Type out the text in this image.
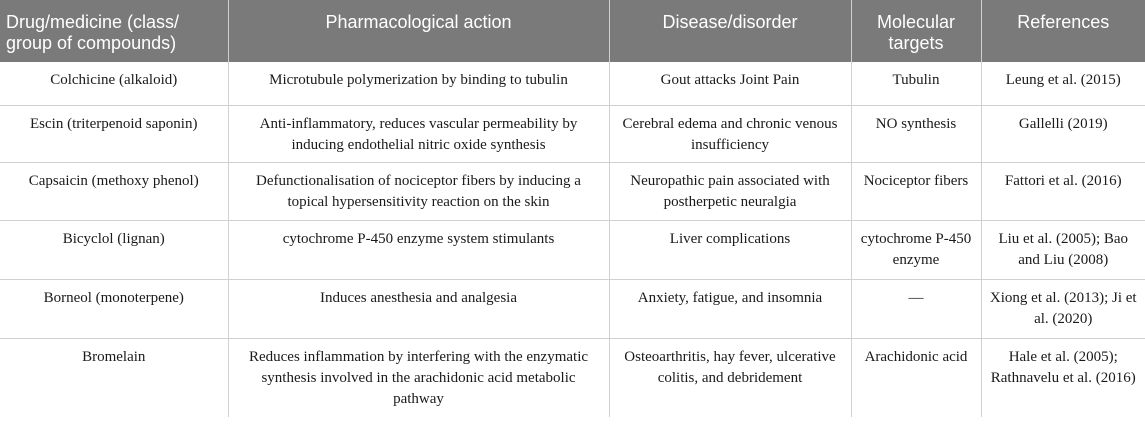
Drug/medicine (class/ group of compounds)	Pharmacological action	Disease/disorder	Molecular targets	References
Colchicine (alkaloid)	Microtubule polymerization by binding to tubulin	Gout attacks Joint Pain	Tubulin	Leung et al. (2015)
Escin (triterpenoid saponin)	Anti-inflammatory, reduces vascular permeability by inducing endothelial nitric oxide synthesis	Cerebral edema and chronic venous insufficiency	NO synthesis	Gallelli (2019)
Capsaicin (methoxy phenol)	Defunctionalisation of nociceptor fibers by inducing a topical hypersensitivity reaction on the skin	Neuropathic pain associated with postherpetic neuralgia	Nociceptor fibers	Fattori et al. (2016)
Bicyclol (lignan)	cytochrome P-450 enzyme system stimulants	Liver complications	cytochrome P-450 enzyme	Liu et al. (2005); Bao and Liu (2008)
Borneol (monoterpene)	Induces anesthesia and analgesia	Anxiety, fatigue, and insomnia	—	Xiong et al. (2013); Ji et al. (2020)
Bromelain	Reduces inflammation by interfering with the enzymatic synthesis involved in the arachidonic acid metabolic pathway	Osteoarthritis, hay fever, ulcerative colitis, and debridement	Arachidonic acid	Hale et al. (2005); Rathnavelu et al. (2016)
